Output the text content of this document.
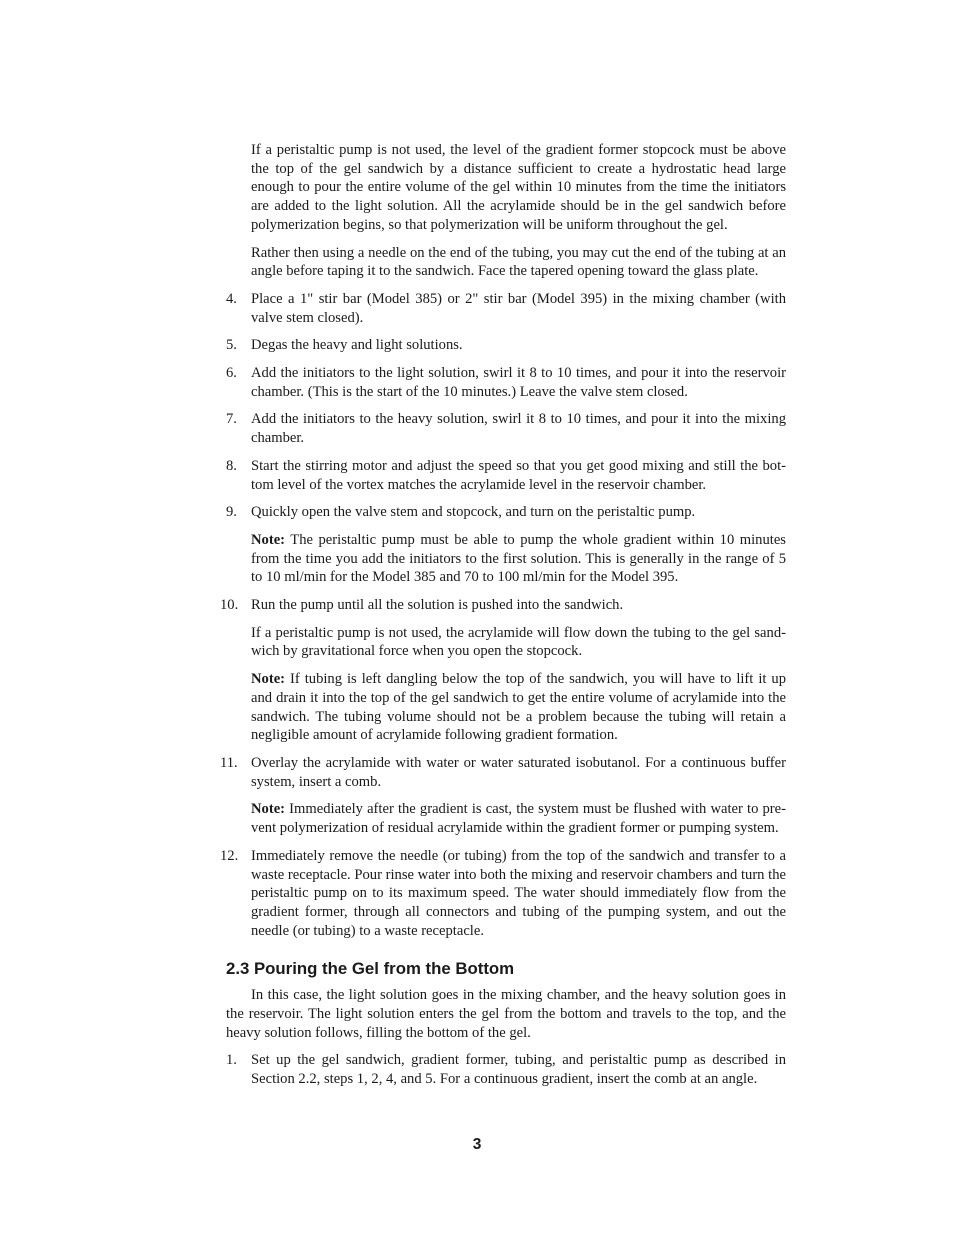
If a peristaltic pump is not used, the level of the gradient former stopcock must be above the top of the gel sandwich by a distance sufficient to create a hydrostatic head large enough to pour the entire volume of the gel within 10 minutes from the time the initiators are added to the light solution. All the acrylamide should be in the gel sandwich before polymerization begins, so that polymerization will be uniform throughout the gel.

Rather then using a needle on the end of the tubing, you may cut the end of the tubing at an angle before taping it to the sandwich. Face the tapered opening toward the glass plate.

4. Place a 1" stir bar (Model 385) or 2" stir bar (Model 395) in the mixing chamber (with valve stem closed).

5. Degas the heavy and light solutions.

6. Add the initiators to the light solution, swirl it 8 to 10 times, and pour it into the reservoir chamber. (This is the start of the 10 minutes.) Leave the valve stem closed.

7. Add the initiators to the heavy solution, swirl it 8 to 10 times, and pour it into the mixing chamber.

8. Start the stirring motor and adjust the speed so that you get good mixing and still the bot-tom level of the vortex matches the acrylamide level in the reservoir chamber.

9. Quickly open the valve stem and stopcock, and turn on the peristaltic pump.

Note: The peristaltic pump must be able to pump the whole gradient within 10 minutes from the time you add the initiators to the first solution. This is generally in the range of 5 to 10 ml/min for the Model 385 and 70 to 100 ml/min for the Model 395.

10. Run the pump until all the solution is pushed into the sandwich.

If a peristaltic pump is not used, the acrylamide will flow down the tubing to the gel sand-wich by gravitational force when you open the stopcock.

Note: If tubing is left dangling below the top of the sandwich, you will have to lift it up and drain it into the top of the gel sandwich to get the entire volume of acrylamide into the sandwich. The tubing volume should not be a problem because the tubing will retain a negligible amount of acrylamide following gradient formation.

11. Overlay the acrylamide with water or water saturated isobutanol. For a continuous buffer system, insert a comb.

Note: Immediately after the gradient is cast, the system must be flushed with water to pre-vent polymerization of residual acrylamide within the gradient former or pumping system.

12. Immediately remove the needle (or tubing) from the top of the sandwich and transfer to a waste receptacle. Pour rinse water into both the mixing and reservoir chambers and turn the peristaltic pump on to its maximum speed. The water should immediately flow from the gradient former, through all connectors and tubing of the pumping system, and out the needle (or tubing) to a waste receptacle.

2.3 Pouring the Gel from the Bottom

In this case, the light solution goes in the mixing chamber, and the heavy solution goes in the reservoir. The light solution enters the gel from the bottom and travels to the top, and the heavy solution follows, filling the bottom of the gel.

1. Set up the gel sandwich, gradient former, tubing, and peristaltic pump as described in Section 2.2, steps 1, 2, 4, and 5. For a continuous gradient, insert the comb at an angle.

3
